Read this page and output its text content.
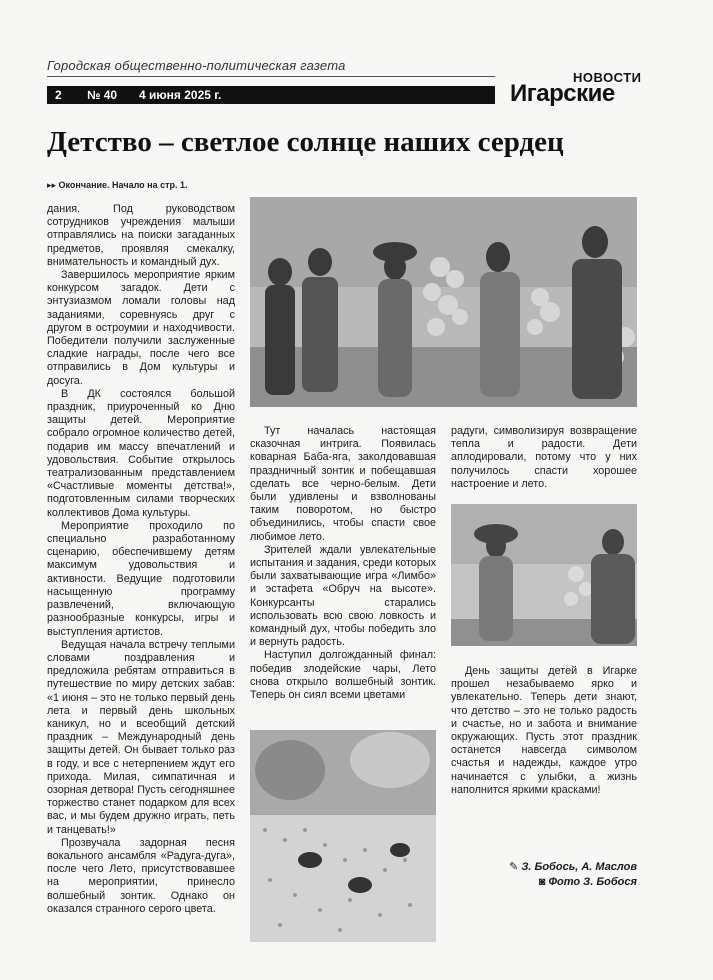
Городская общественно-политическая газета
2 № 40 4 июня 2025 г.
НОВОСТИ
Игарские
Детство – светлое солнце наших сердец
▸▸ Окончание. Начало на стр. 1.

дания. Под руководством сотрудников учреждения малыши отправлялись на поиски загаданных предметов, проявляя смекалку, внимательность и командный дух.

Завершилось мероприятие ярким конкурсом загадок. Дети с энтузиазмом ломали головы над заданиями, соревнуясь друг с другом в остроумии и находчивости. Победители получили заслуженные сладкие награды, после чего все отправились в Дом культуры и досуга.

В ДК состоялся большой праздник, приуроченный ко Дню защиты детей. Мероприятие собрало огромное количество детей, подарив им массу впечатлений и удовольствия. Событие открылось театрализованным представлением «Счастливые моменты детства!», подготовленным силами творческих коллективов Дома культуры.

Мероприятие проходило по специально разработанному сценарию, обеспечившему детям максимум удовольствия и активности. Ведущие подготовили насыщенную программу развлечений, включающую разнообразные конкурсы, игры и выступления артистов.

Ведущая начала встречу теплыми словами поздравления и предложила ребятам отправиться в путешествие по миру детских забав: «1 июня – это не только первый день лета и первый день школьных каникул, но и всеобщий детский праздник – Международный день защиты детей. Он бывает только раз в году, и все с нетерпением ждут его прихода. Милая, симпатичная и озорная детвора! Пусть сегодняшнее торжество станет подарком для всех вас, и мы будем дружно играть, петь и танцевать!»

Прозвучала задорная песня вокального ансамбля «Радуга-дуга», после чего Лето, присутствовавшее на мероприятии, принесло волшебный зонтик. Однако он оказался странного серого цвета.

Тут началась настоящая сказочная интрига. Появилась коварная Баба-яга, заколдовавшая праздничный зонтик и побещавшая сделать все черно-белым. Дети были удивлены и взволнованы таким поворотом, но быстро объединились, чтобы спасти свое любимое лето.

Зрителей ждали увлекательные испытания и задания, среди которых были захватывающие игра «Лимбо» и эстафета «Обруч на высоте». Конкурсанты старались использовать всю свою ловкость и командный дух, чтобы победить зло и вернуть радость.

Наступил долгожданный финал: победив злодейские чары, Лето снова открыло волшебный зонтик. Теперь он сиял всеми цветами

радуги, символизируя возвращение тепла и радости. Дети аплодировали, потому что у них получилось спасти хорошее настроение и лето.

День защиты детей в Игарке прошел незабываемо ярко и увлекательно. Теперь дети знают, что детство – это не только радость и счастье, но и забота и внимание окружающих. Пусть этот праздник останется навсегда символом счастья и надежды, каждое утро начинается с улыбки, а жизнь наполнится яркими красками!

✎ З. Бобось, А. Маслов
◙ Фото З. Бобося
